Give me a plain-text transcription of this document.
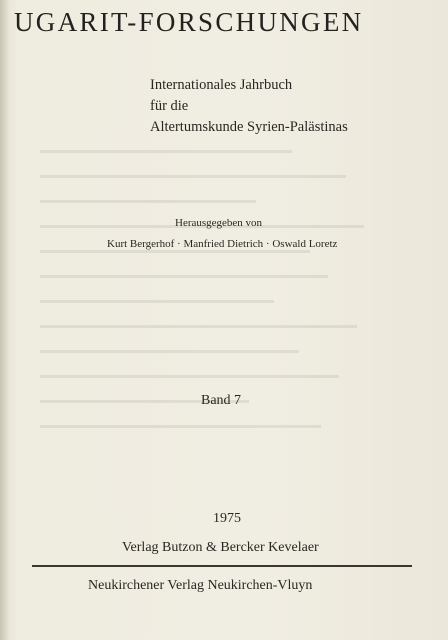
UGARIT-FORSCHUNGEN
Internationales Jahrbuch
für die
Altertumskunde Syrien-Palästinas
Herausgegeben von
Kurt Bergerhof · Manfried Dietrich · Oswald Loretz
Band 7
1975
Verlag Butzon & Bercker Kevelaer
Neukirchener Verlag Neukirchen-Vluyn
